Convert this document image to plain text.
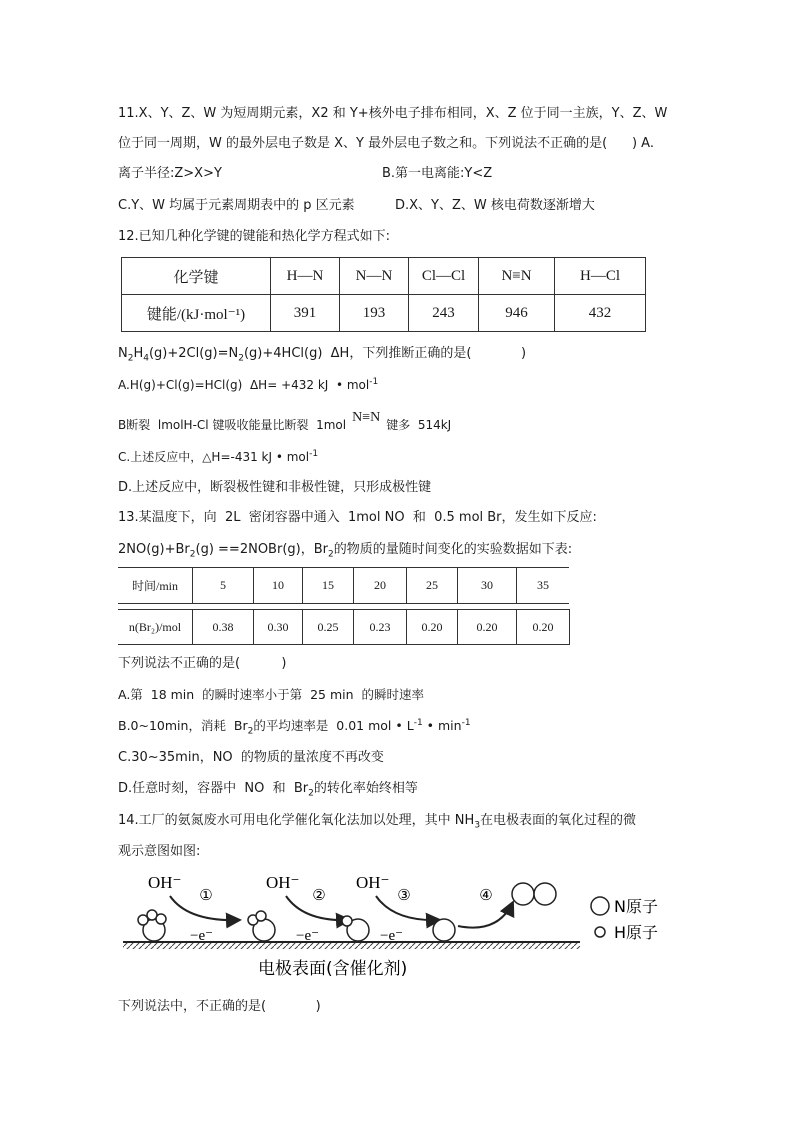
11.X、Y、Z、W 为短周期元素，X2 和 Y+核外电子排布相同，X、Z 位于同一主族，Y、Z、W
位于同一周期，W 的最外层电子数是 X、Y 最外层电子数之和。下列说法不正确的是(      ) A.
离子半径:Z>X>Y	B.第一电离能:Y<Z
C.Y、W 均属于元素周期表中的 p 区元素	D.X、Y、Z、W 核电荷数逐渐增大
12.已知几种化学键的键能和热化学方程式如下:
化学键	H—N	N—N	Cl—Cl	N≡N	H—Cl
键能/(kJ·mol⁻¹)	391	193	243	946	432
$N_2H_4(g)+2Cl(g)=N_2(g)+4HCl(g)$  ΔH，下列推断正确的是(            )
A.H(g)+Cl(g)=HCl(g)  ΔH= +432 kJ  • mol$^{-1}$
B断裂  lmolH-Cl 键吸收能量比断裂  1mol N≡N 键多  514kJ
C.上述反应中，△H=-431 kJ • mol$^{-1}$
D.上述反应中，断裂极性键和非极性键，只形成极性键
13.某温度下，向  2L  密闭容器中通入  1mol NO  和  0.5 mol Br，发生如下反应:
$2NO(g)+Br_2(g)$ ==2NOBr(g)，$Br_2$的物质的量随时间变化的实验数据如下表:
时间/min	5	10	15	20	25	30	35
n(Br₂)/mol	0.38	0.30	0.25	0.23	0.20	0.20	0.20
下列说法不正确的是(          )
A.第  18 min  的瞬时速率小于第  25 min  的瞬时速率
B.0~10min，消耗  $Br_2$的平均速率是  0.01 mol • $L^{-1}$ • $\min^{-1}$
C.30~35min，NO  的物质的量浓度不再改变
D.任意时刻，容器中  NO  和  $Br_2$的转化率始终相等
14.工厂的氨氮废水可用电化学催化氧化法加以处理，其中 $NH_3$在电极表面的氧化过程的微
观示意图如图:
OH⁻	OH⁻	OH⁻
①	②	③	④
−e⁻	−e⁻	−e⁻
N原子
H原子
电极表面(含催化剂)
下列说法中，不正确的是(            )
